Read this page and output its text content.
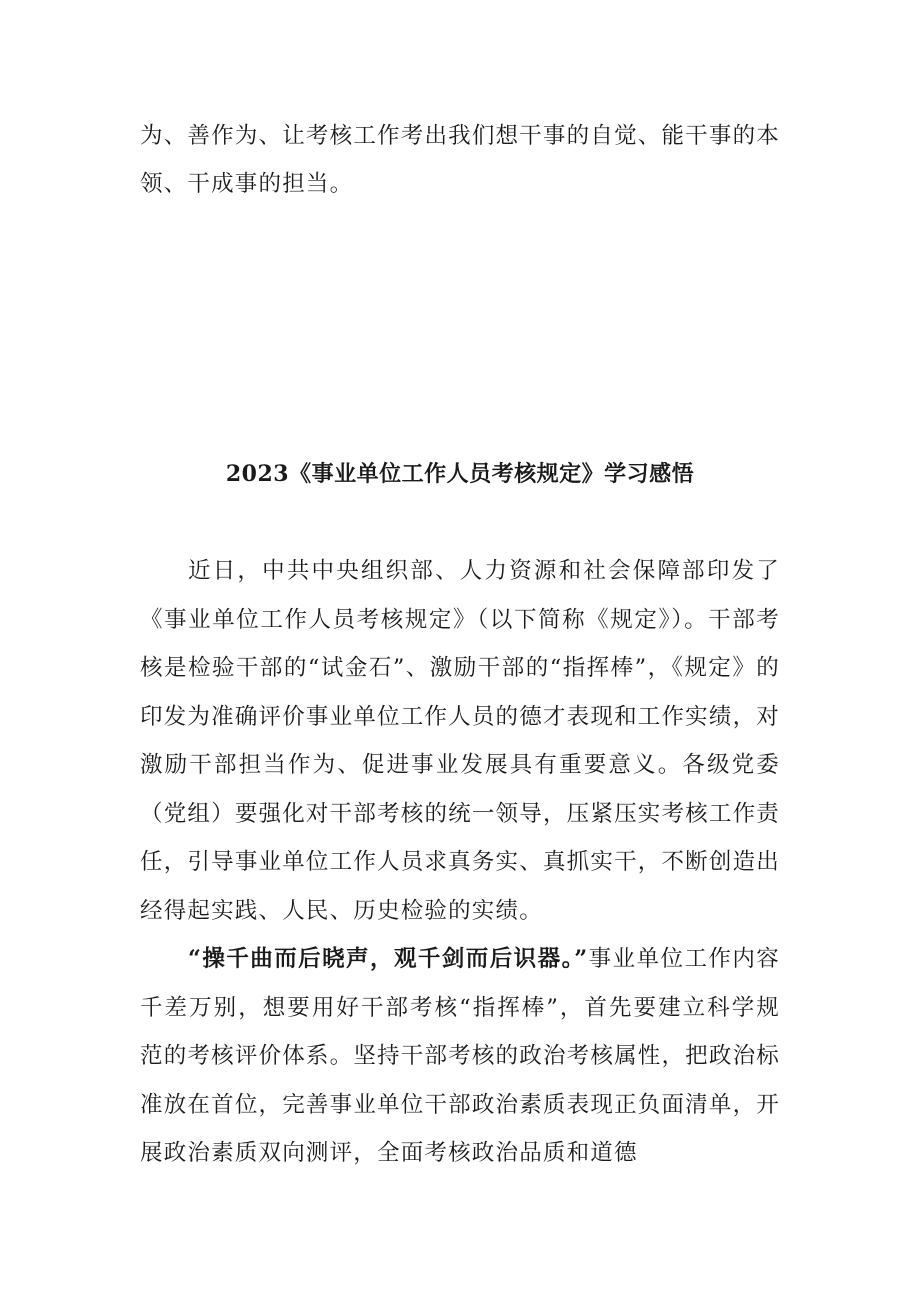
为、善作为、让考核工作考出我们想干事的自觉、能干事的本领、干成事的担当。

2023《事业单位工作人员考核规定》学习感悟

近日，中共中央组织部、人力资源和社会保障部印发了《事业单位工作人员考核规定》（以下简称《规定》）。干部考核是检验干部的“试金石”、激励干部的“指挥棒”，《规定》的印发为准确评价事业单位工作人员的德才表现和工作实绩，对激励干部担当作为、促进事业发展具有重要意义。各级党委（党组）要强化对干部考核的统一领导，压紧压实考核工作责任，引导事业单位工作人员求真务实、真抓实干，不断创造出经得起实践、人民、历史检验的实绩。

“操千曲而后晓声，观千剑而后识器。”事业单位工作内容千差万别，想要用好干部考核“指挥棒”，首先要建立科学规范的考核评价体系。坚持干部考核的政治考核属性，把政治标准放在首位，完善事业单位干部政治素质表现正负面清单，开展政治素质双向测评，全面考核政治品质和道德
